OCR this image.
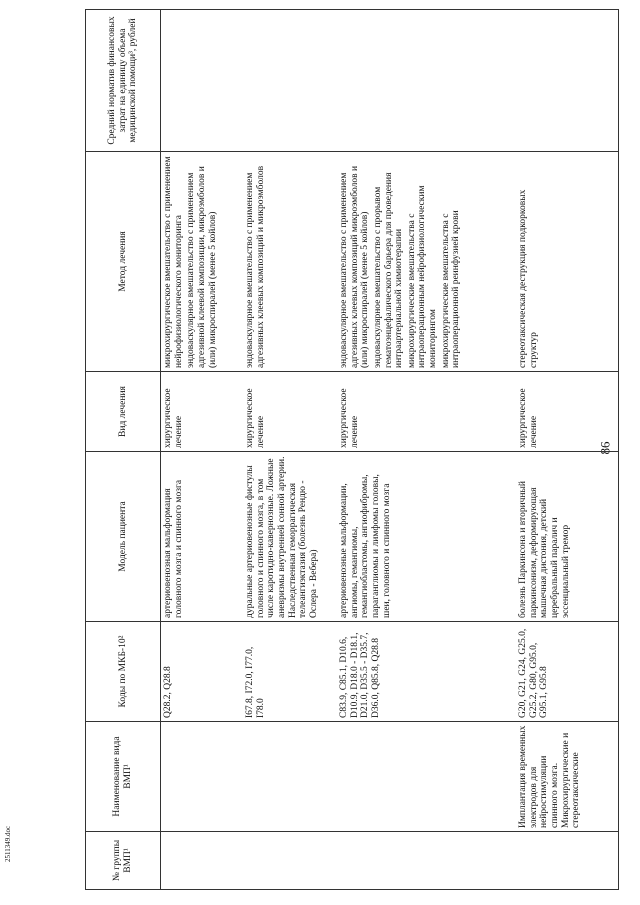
86
2511349.doc	№ группы ВМП¹	Наименование вида ВМП¹	Коды по МКБ-10²	Модель пациента	Вид лечения	Метод лечения	Средний норматив финансовых затрат на единицу объема медицинской помощи³, рублей
		Q28.2, Q28.8	артериовенозная мальформация головного мозга и спинного мозга	хирургическое лечение	микрохирургическое вмешательство с применением нейрофизиологического мониторинга эндоваскулярное вмешательство с применением адгезивной клеевой композиции, микроэмболов и (или) микроспиралей (менее 5 койлов)	

		I67.8, I72.0, I77.0, I78.0	дуральные артериовенозные фистулы головного и спинного мозга, в том числе каротидно-кавернозные. Ложные аневризмы внутренней сонной артерии. Наследственная геморрагическая телеангиэктазия (болезнь Рендю - Ослера - Вебера)	хирургическое лечение	эндоваскулярное вмешательство с применением адгезивных клеевых композиций и микроэмболов	

		C83.9, C85.1, D10.6, D10.9, D18.0 - D18.1, D21.0, D35.5 - D35.7, D36.0, Q85.8, Q28.8	артериовенозные мальформации, ангиомы, гемангиомы, гемангиобластомы, ангиофибромы, параганглиомы и лимфомы головы, шеи, головного и спинного мозга	хирургическое лечение	эндоваскулярное вмешательство с применением адгезивных клеевых композиций микроэмболов и (или) микроспиралей (менее 5 койлов) эндоваскулярное вмешательство с прорывом гематоэнцефалического барьера для проведения интраартериальной химиотерапии микрохирургические вмешательства с интраоперационным нейрофизиологическим мониторингом микрохирургические вмешательства с интраоперационной реинфузией крови	

	Имплантация временных электродов для нейростимуляции спинного мозга. Микрохирургические и стереотаксические	G20, G21, G24, G25.0, G25.2, G80, G95.0, G95.1, G95.8	болезнь Паркинсона и вторичный паркинсонизм, деформирующая мышечная дистония, детский церебральный паралич и эссенциальный тремор	хирургическое лечение	стереотаксическая деструкция подкорковых структур	
